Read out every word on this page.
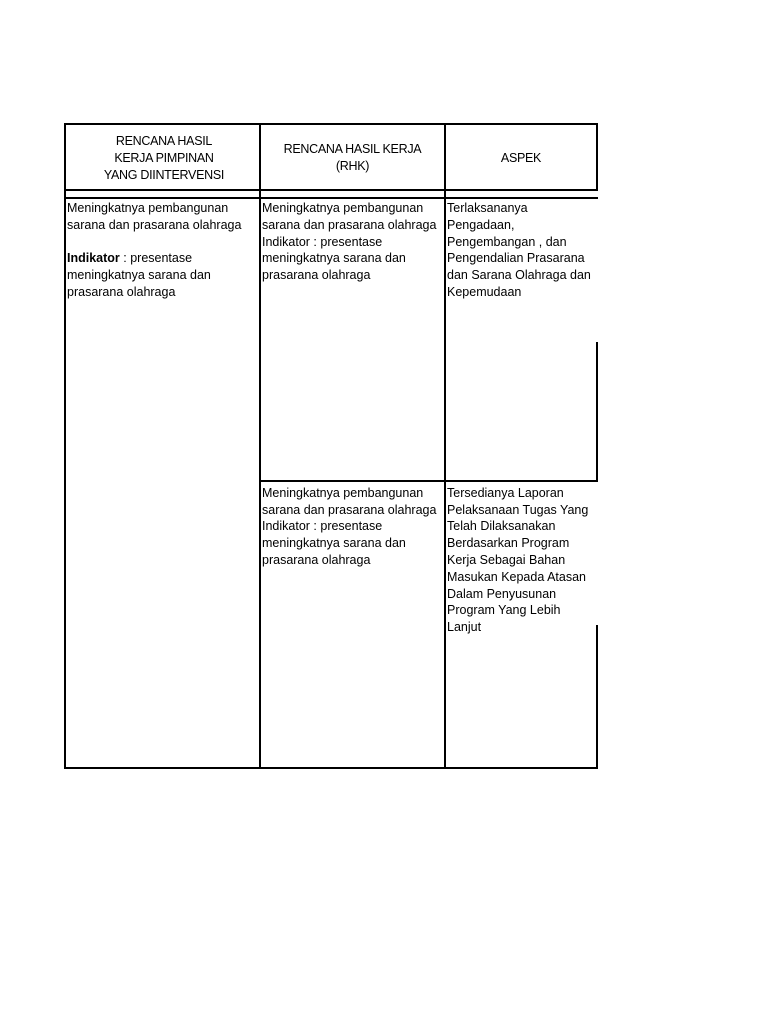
RENCANA HASIL KERJA PIMPINAN YANG DIINTERVENSI
RENCANA HASIL KERJA (RHK)
ASPEK
Meningkatnya pembangunan
sarana dan prasarana olahraga
Indikator : presentase
meningkatnya sarana dan
prasarana olahraga
Meningkatnya pembangunan
sarana dan prasarana olahraga
Indikator : presentase
meningkatnya sarana dan
prasarana olahraga
Terlaksananya
Pengadaan,
Pengembangan , dan
Pengendalian Prasarana
dan Sarana Olahraga dan
Kepemudaan
Meningkatnya pembangunan
sarana dan prasarana olahraga
Indikator : presentase
meningkatnya sarana dan
prasarana olahraga
Tersedianya Laporan
Pelaksanaan Tugas Yang
Telah Dilaksanakan
Berdasarkan Program
Kerja Sebagai Bahan
Masukan Kepada Atasan
Dalam Penyusunan
Program Yang Lebih
Lanjut
